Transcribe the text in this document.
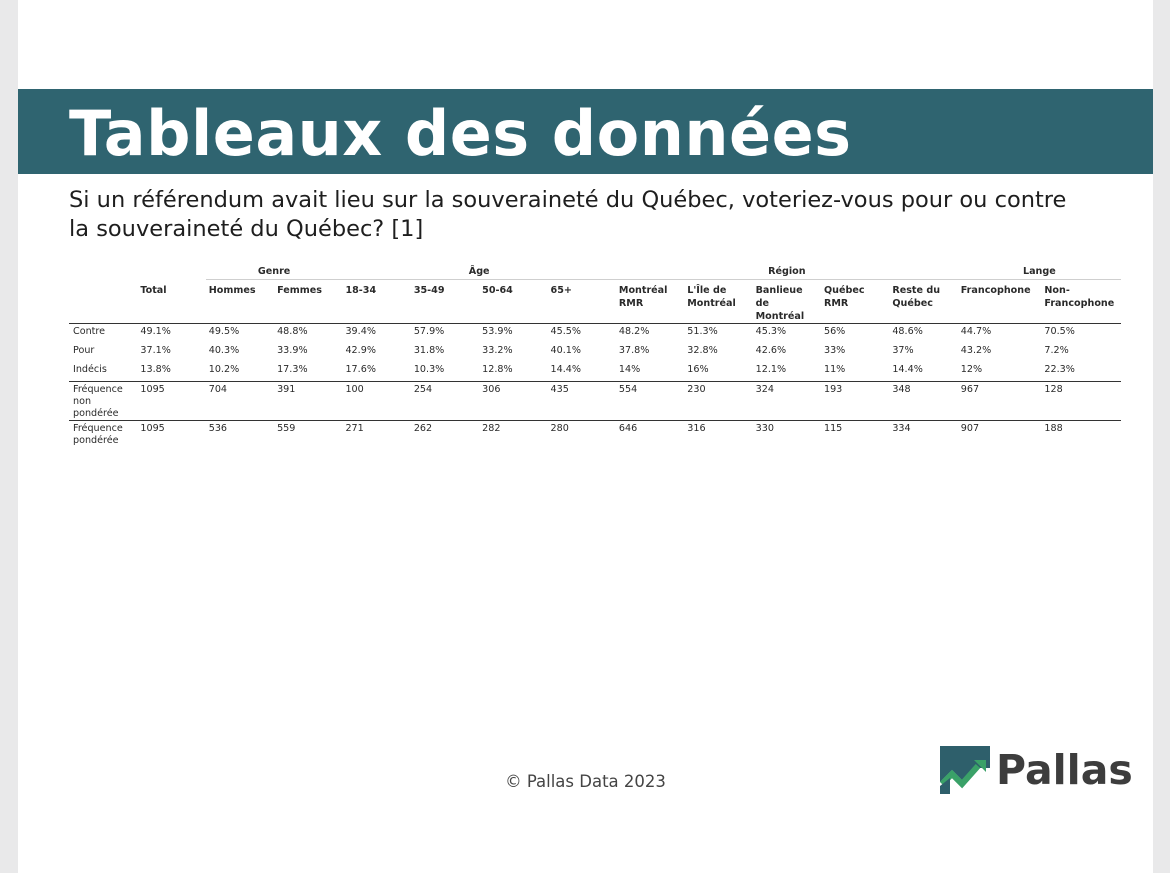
Tableaux des données
Si un référendum avait lieu sur la souveraineté du Québec, voteriez-vous pour ou contre la souveraineté du Québec? [1]
		Genre		Âge				Région					Lange	
	Total	Hommes	Femmes	18-34	35-49	50-64	65+	Montréal RMR	L'Île de Montréal	Banlieue de Montréal	Québec RMR	Reste du Québec	Francophone	Non-Francophone
Contre	49.1%	49.5%	48.8%	39.4%	57.9%	53.9%	45.5%	48.2%	51.3%	45.3%	56%	48.6%	44.7%	70.5%
Pour	37.1%	40.3%	33.9%	42.9%	31.8%	33.2%	40.1%	37.8%	32.8%	42.6%	33%	37%	43.2%	7.2%
Indécis	13.8%	10.2%	17.3%	17.6%	10.3%	12.8%	14.4%	14%	16%	12.1%	11%	14.4%	12%	22.3%
Fréquence non pondérée	1095	704	391	100	254	306	435	554	230	324	193	348	967	128
Fréquence pondérée	1095	536	559	271	262	282	280	646	316	330	115	334	907	188
© Pallas Data 2023	Pallas
